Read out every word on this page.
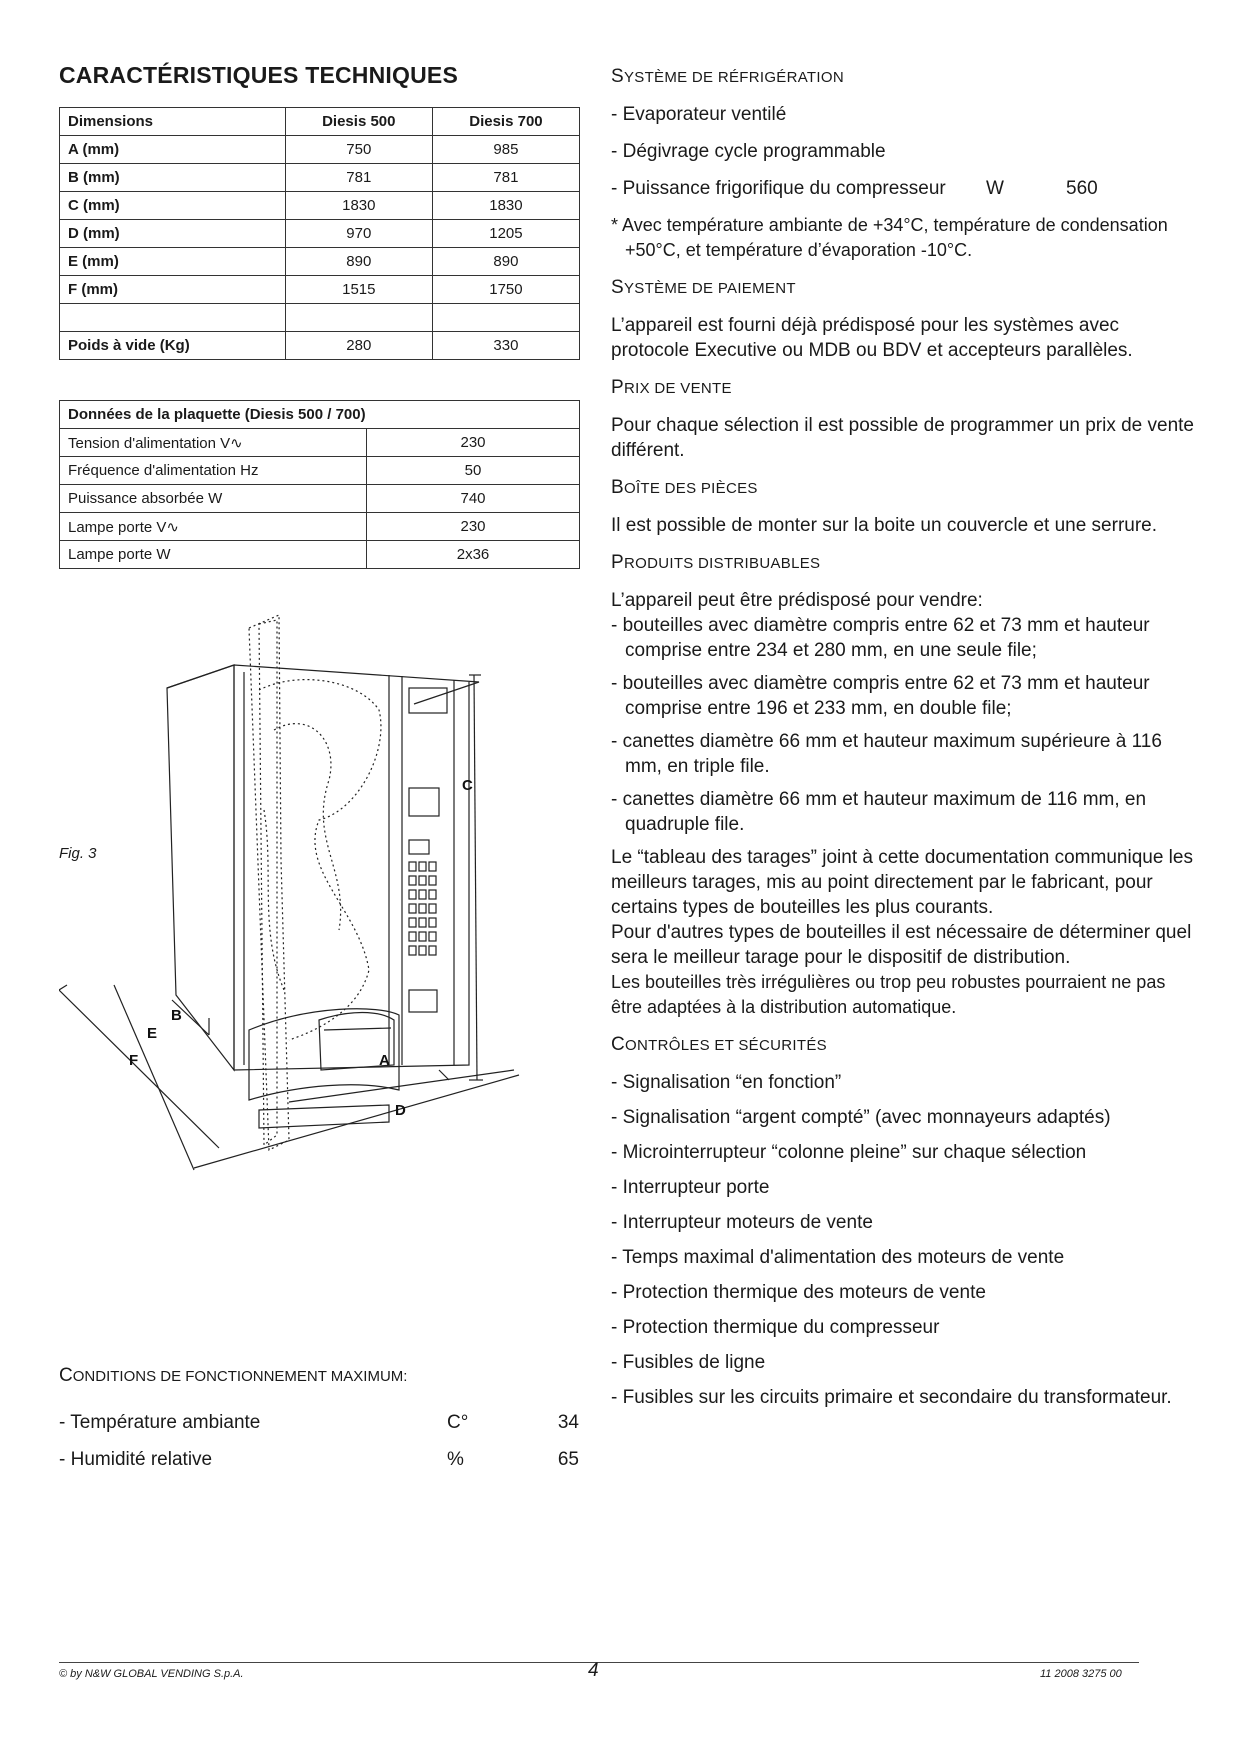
CARACTÉRISTIQUES TECHNIQUES
Dimensions	Diesis 500	Diesis 700
A (mm)	750	985
B (mm)	781	781
C (mm)	1830	1830
D (mm)	970	1205
E (mm)	890	890
F (mm)	1515	1750

Poids à vide (Kg)	280	330
Données de la plaquette (Diesis 500 / 700)	
Tension d'alimentation V∿	230
Fréquence d'alimentation Hz	50
Puissance absorbée W	740
Lampe porte V∿	230
Lampe porte W	2x36
Fig. 3
C
A
D
B
E
F
CONDITIONS DE FONCTIONNEMENT MAXIMUM:
- Température ambiante	C°	34
- Humidité relative	%	65
SYSTÈME DE RÉFRIGÉRATION

- Evaporateur ventilé

- Dégivrage cycle programmable

- Puissance frigorifique du compresseur	W	560

* Avec température ambiante de +34°C, température de condensation +50°C, et température d’évaporation -10°C.

SYSTÈME DE PAIEMENT

L’appareil est fourni déjà prédisposé pour les systèmes avec protocole Executive ou MDB ou BDV et accepteurs parallèles.

PRIX DE VENTE

Pour chaque sélection il est possible de programmer un prix de vente différent.

BOÎTE DES PIÈCES

Il est possible de monter sur la boite un couvercle et une serrure.

PRODUITS DISTRIBUABLES

L’appareil peut être prédisposé pour vendre:

- bouteilles avec diamètre compris entre 62 et 73 mm et hauteur comprise entre 234 et 280 mm, en une seule file;

- bouteilles avec diamètre compris entre 62 et 73 mm et hauteur comprise entre 196 et 233 mm, en double file;

- canettes diamètre 66 mm et hauteur maximum supérieure à 116 mm, en triple file.

- canettes diamètre 66 mm et hauteur maximum de 116 mm, en quadruple file.

Le “tableau des tarages” joint à cette documentation communique les meilleurs tarages, mis au point directement par le fabricant, pour certains types de bouteilles les plus courants.

Pour d'autres types de bouteilles il est nécessaire de déterminer quel sera le meilleur tarage pour le dispositif de distribution.

Les bouteilles très irrégulières ou trop peu robustes pourraient ne pas être adaptées à la distribution automatique.

CONTRÔLES ET SÉCURITÉS

- Signalisation “en fonction”

- Signalisation “argent compté” (avec monnayeurs adaptés)

- Microinterrupteur “colonne pleine” sur chaque sélection

- Interrupteur porte

- Interrupteur moteurs de vente

- Temps maximal d'alimentation des moteurs de vente

- Protection thermique des moteurs de vente

- Protection thermique du compresseur

- Fusibles de ligne

- Fusibles sur les circuits primaire et secondaire du transformateur.

© by N&W GLOBAL VENDING S.p.A.	4	11 2008 3275 00
